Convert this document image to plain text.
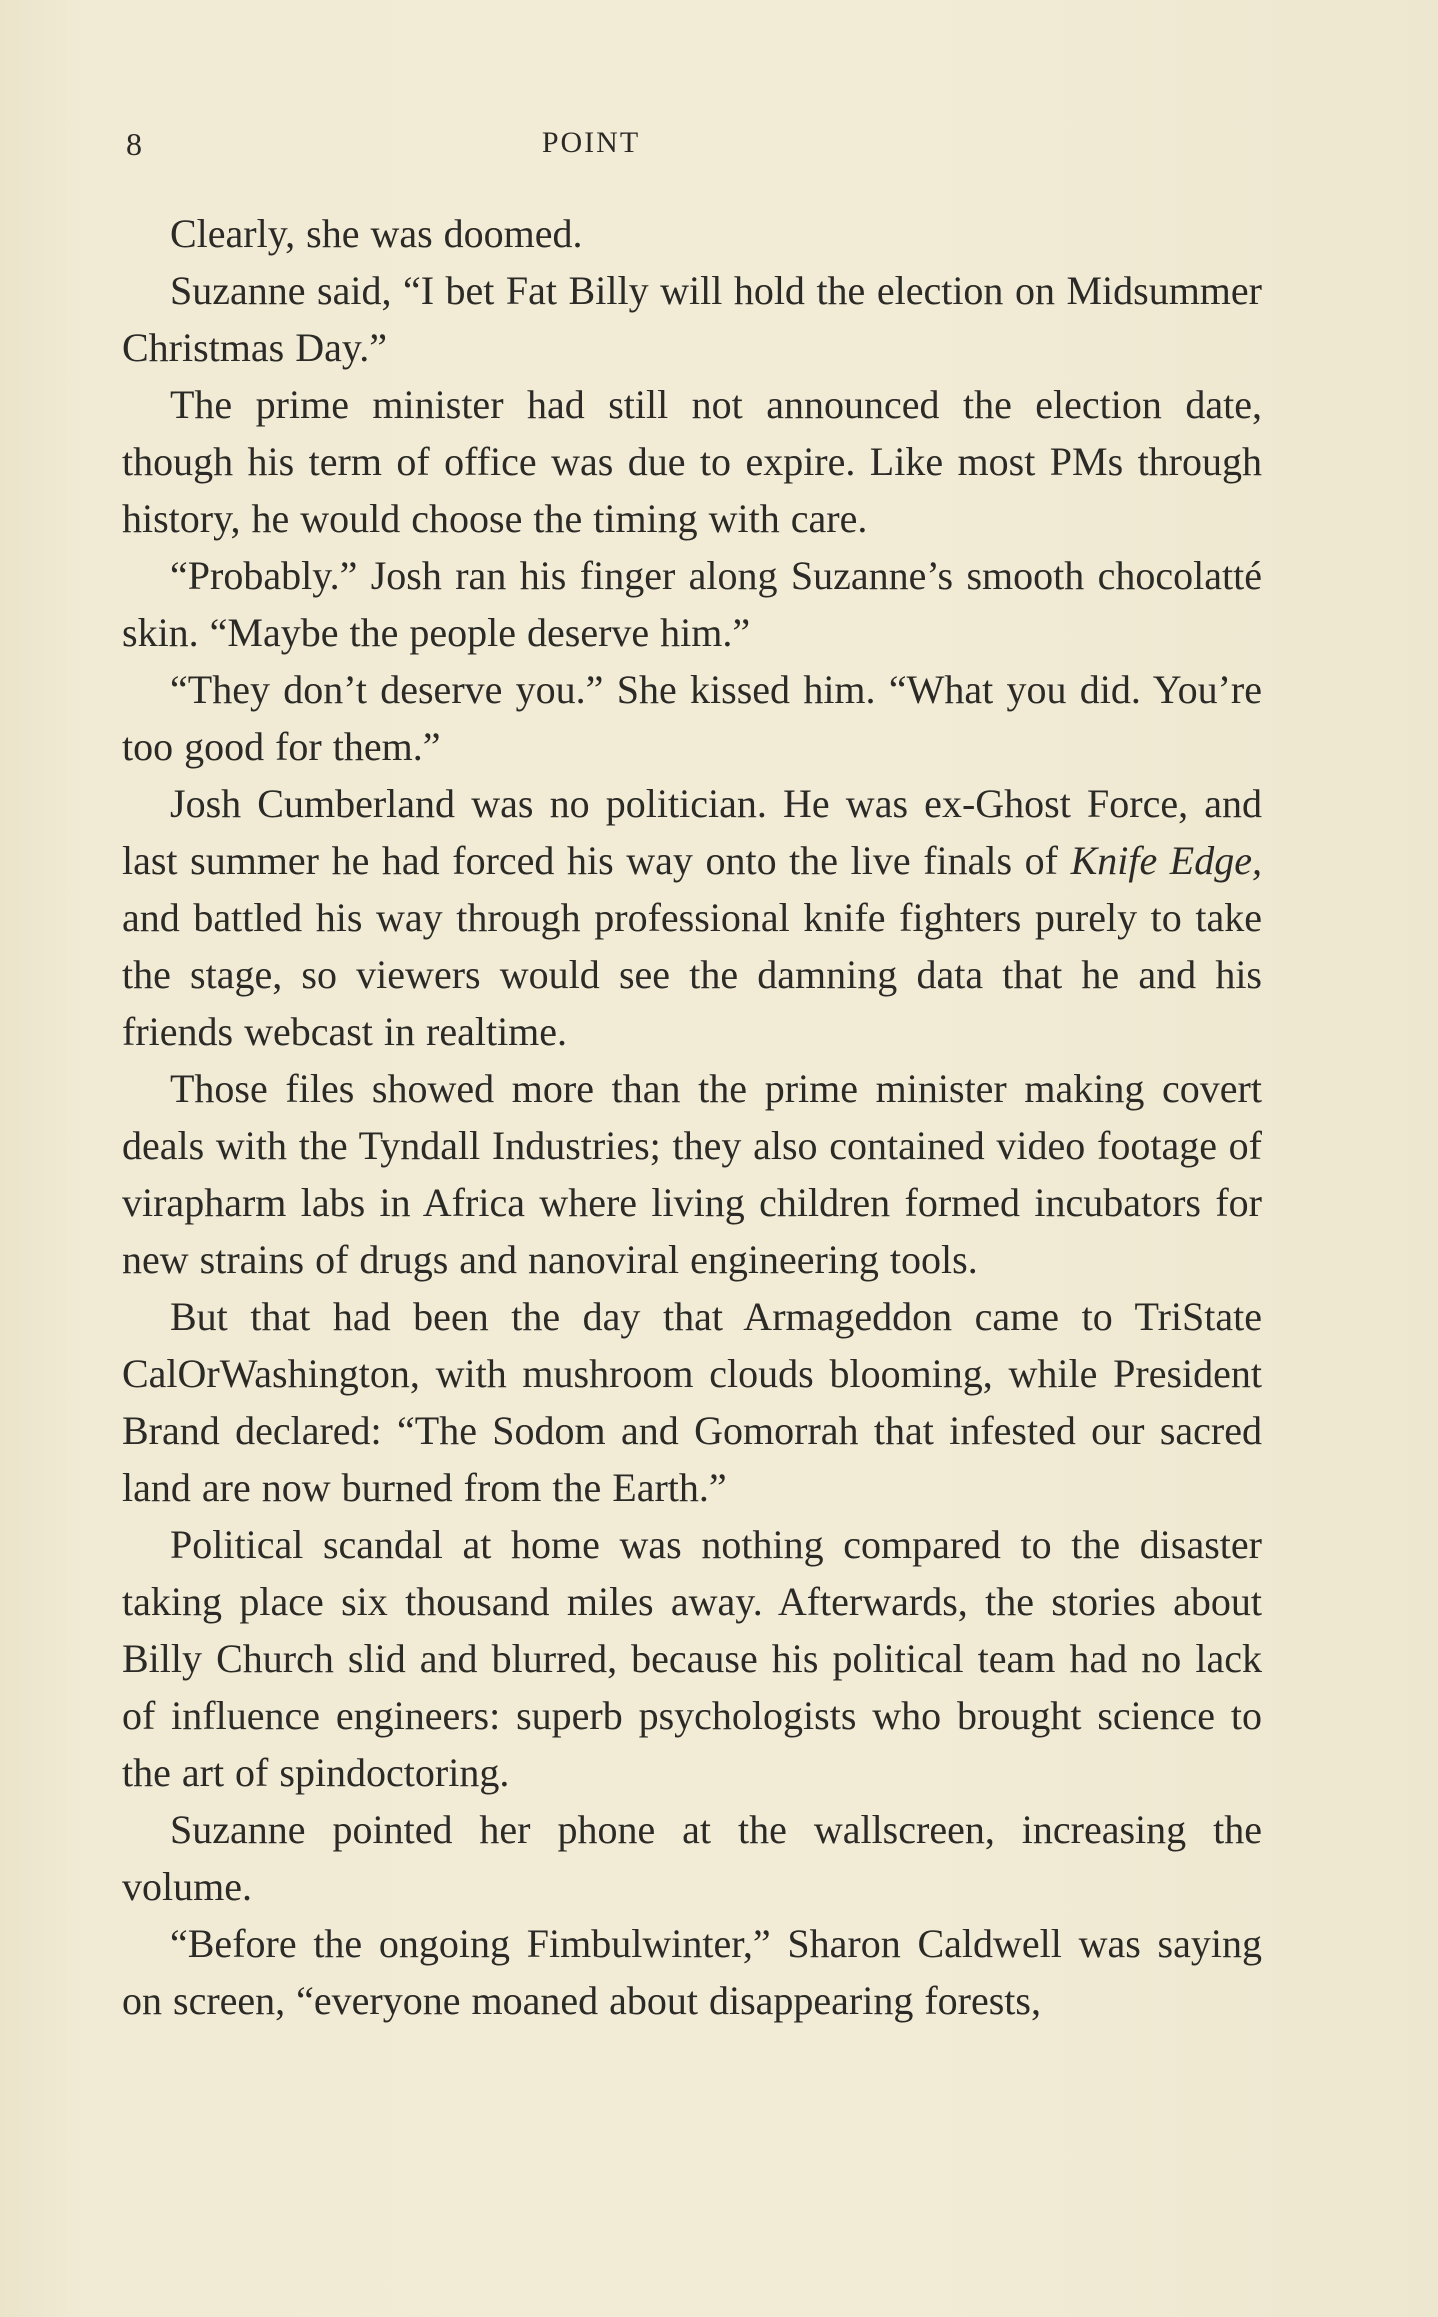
8	POINT

Clearly, she was doomed.

Suzanne said, “I bet Fat Billy will hold the election on Midsummer Christmas Day.”

The prime minister had still not announced the election date, though his term of office was due to expire. Like most PMs through history, he would choose the timing with care.

“Probably.” Josh ran his finger along Suzanne’s smooth chocolatté skin. “Maybe the people deserve him.”

“They don’t deserve you.” She kissed him. “What you did. You’re too good for them.”

Josh Cumberland was no politician. He was ex-Ghost Force, and last summer he had forced his way onto the live finals of Knife Edge, and battled his way through professional knife fighters purely to take the stage, so viewers would see the damning data that he and his friends webcast in realtime.

Those files showed more than the prime minister making covert deals with the Tyndall Industries; they also contained video footage of virapharm labs in Africa where living children formed incubators for new strains of drugs and nanoviral engineering tools.

But that had been the day that Armageddon came to TriState CalOrWashington, with mushroom clouds blooming, while President Brand declared: “The Sodom and Gomorrah that infested our sacred land are now burned from the Earth.”

Political scandal at home was nothing compared to the disaster taking place six thousand miles away. Afterwards, the stories about Billy Church slid and blurred, because his political team had no lack of influence engineers: superb psychologists who brought science to the art of spindoctoring.

Suzanne pointed her phone at the wallscreen, increasing the volume.

“Before the ongoing Fimbulwinter,” Sharon Caldwell was saying on screen, “everyone moaned about disappearing forests,
